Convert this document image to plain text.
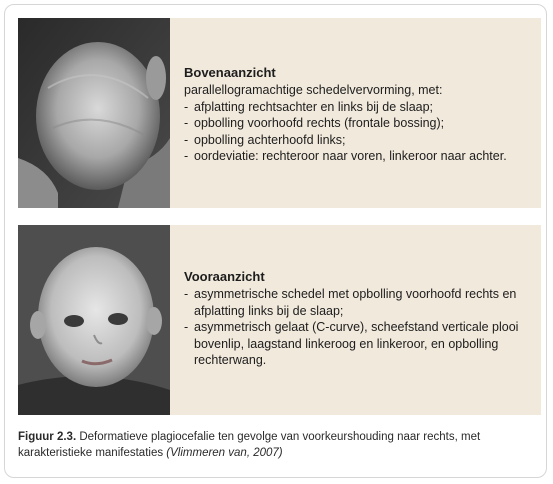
Bovenaanzicht
parallellogramachtige schedelvervorming, met:
- afplatting rechtsachter en links bij de slaap;
- opbolling voorhoofd rechts (frontale bossing);
- opbolling achterhoofd links;
- oordeviatie: rechteroor naar voren, linkeroor naar achter.
Vooraanzicht
- asymmetrische schedel met opbolling voorhoofd rechts en afplatting links bij de slaap;
- asymmetrisch gelaat (C-curve), scheefstand verticale plooi bovenlip, laagstand linkeroog en linkeroor, en opbolling rechterwang.
Figuur 2.3. Deformatieve plagiocefalie ten gevolge van voorkeurshouding naar rechts, met karakteristieke manifestaties (Vlimmeren van, 2007)
